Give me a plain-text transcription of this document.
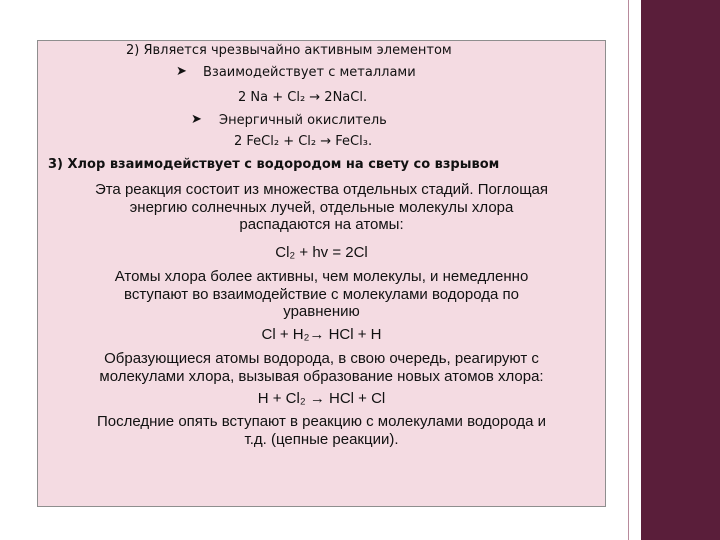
2) Является чрезвычайно активным элементом
➤ Взаимодействует с металлами
2 Na + Cl₂ → 2NaCl.
➤ Энергичный окислитель
2 FeCl₂ + Cl₂ → FeCl₃.
3) Хлор взаимодействует с водородом на свету со взрывом
Эта реакция состоит из множества отдельных стадий. Поглощая
энергию солнечных лучей, отдельные молекулы хлора
распадаются на атомы:
Cl₂ + hv = 2Cl
Атомы хлора более активны, чем молекулы, и немедленно
вступают во взаимодействие с молекулами водорода по
уравнению
Cl + H₂→ HCl + H
Образующиеся атомы водорода, в свою очередь, реагируют с
молекулами хлора, вызывая образование новых атомов хлора:
H + Cl₂ → HCl + Cl
Последние опять вступают в реакцию с молекулами водорода и
т.д. (цепные реакции).
